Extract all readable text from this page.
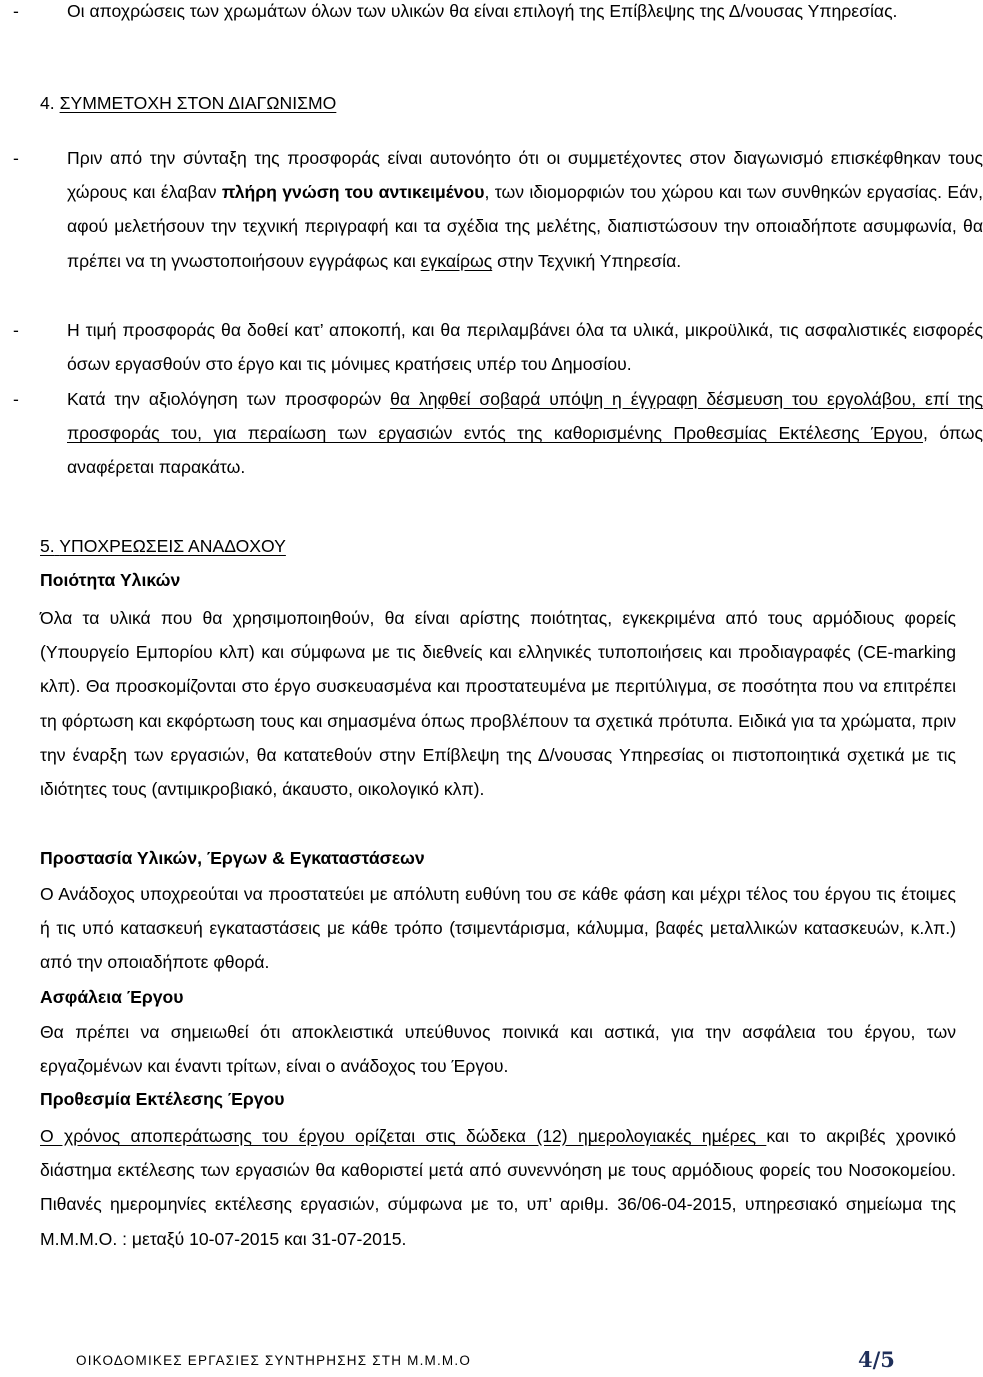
-	Οι αποχρώσεις των χρωμάτων όλων των υλικών θα είναι επιλογή της Επίβλεψης της Δ/νουσας Υπηρεσίας.

4. ΣΥΜΜΕΤΟΧΗ ΣΤΟΝ ΔΙΑΓΩΝΙΣΜΟ

-	Πριν από την σύνταξη της προσφοράς είναι αυτονόητο ότι οι συμμετέχοντες στον διαγωνισμό επισκέφθηκαν τους χώρους και έλαβαν πλήρη γνώση του αντικειμένου, των ιδιομορφιών του χώρου και των συνθηκών εργασίας. Εάν, αφού μελετήσουν την τεχνική περιγραφή και τα σχέδια της μελέτης, διαπιστώσουν την οποιαδήποτε ασυμφωνία, θα πρέπει να τη γνωστοποιήσουν εγγράφως και εγκαίρως στην Τεχνική Υπηρεσία.

-	Η τιμή προσφοράς θα δοθεί κατ’ αποκοπή, και θα περιλαμβάνει όλα τα υλικά, μικροϋλικά, τις ασφαλιστικές εισφορές όσων εργασθούν στο έργο και τις μόνιμες κρατήσεις υπέρ του Δημοσίου.

-	Κατά την αξιολόγηση των προσφορών θα ληφθεί σοβαρά υπόψη η έγγραφη δέσμευση του εργολάβου, επί της προσφοράς του, για περαίωση των εργασιών εντός της καθορισμένης Προθεσμίας Εκτέλεσης Έργου, όπως αναφέρεται παρακάτω.

5. ΥΠΟΧΡΕΩΣΕΙΣ ΑΝΑΔΟΧΟΥ

Ποιότητα Υλικών

Όλα τα υλικά που θα χρησιμοποιηθούν, θα είναι αρίστης ποιότητας, εγκεκριμένα από τους αρμόδιους φορείς (Υπουργείο Εμπορίου κλπ) και σύμφωνα με τις διεθνείς και ελληνικές τυποποιήσεις και προδιαγραφές (CE-marking κλπ). Θα προσκομίζονται στο έργο συσκευασμένα και προστατευμένα με περιτύλιγμα, σε ποσότητα που να επιτρέπει τη φόρτωση και εκφόρτωση τους και σημασμένα όπως προβλέπουν τα σχετικά πρότυπα. Ειδικά για τα χρώματα, πριν την έναρξη των εργασιών, θα κατατεθούν στην Επίβλεψη της Δ/νουσας Υπηρεσίας οι πιστοποιητικά σχετικά με τις ιδιότητες τους (αντιμικροβιακό, άκαυστο, οικολογικό κλπ).

Προστασία Υλικών, Έργων & Εγκαταστάσεων

Ο Ανάδοχος υποχρεούται να προστατεύει με απόλυτη ευθύνη του σε κάθε φάση και μέχρι τέλος του έργου τις έτοιμες ή τις υπό κατασκευή εγκαταστάσεις με κάθε τρόπο (τσιμεντάρισμα, κάλυμμα, βαφές μεταλλικών κατασκευών, κ.λπ.) από την οποιαδήποτε φθορά.

Ασφάλεια Έργου

Θα πρέπει να σημειωθεί ότι αποκλειστικά υπεύθυνος ποινικά και αστικά, για την ασφάλεια του έργου, των εργαζομένων και έναντι τρίτων, είναι ο ανάδοχος του Έργου.

Προθεσμία Εκτέλεσης Έργου

Ο χρόνος αποπεράτωσης του έργου ορίζεται στις δώδεκα (12) ημερολογιακές ημέρες και το ακριβές χρονικό διάστημα εκτέλεσης των εργασιών θα καθοριστεί μετά από συνεννόηση με τους αρμόδιους φορείς του Νοσοκομείου. Πιθανές ημερομηνίες εκτέλεσης εργασιών, σύμφωνα με το, υπ’ αριθμ. 36/06-04-2015, υπηρεσιακό σημείωμα της Μ.Μ.Μ.Ο. : μεταξύ 10-07-2015 και 31-07-2015.

ΟΙΚΟΔΟΜΙΚΕΣ ΕΡΓΑΣΙΕΣ ΣΥΝΤΗΡΗΣΗΣ ΣΤΗ Μ.Μ.Μ.Ο	4/5
